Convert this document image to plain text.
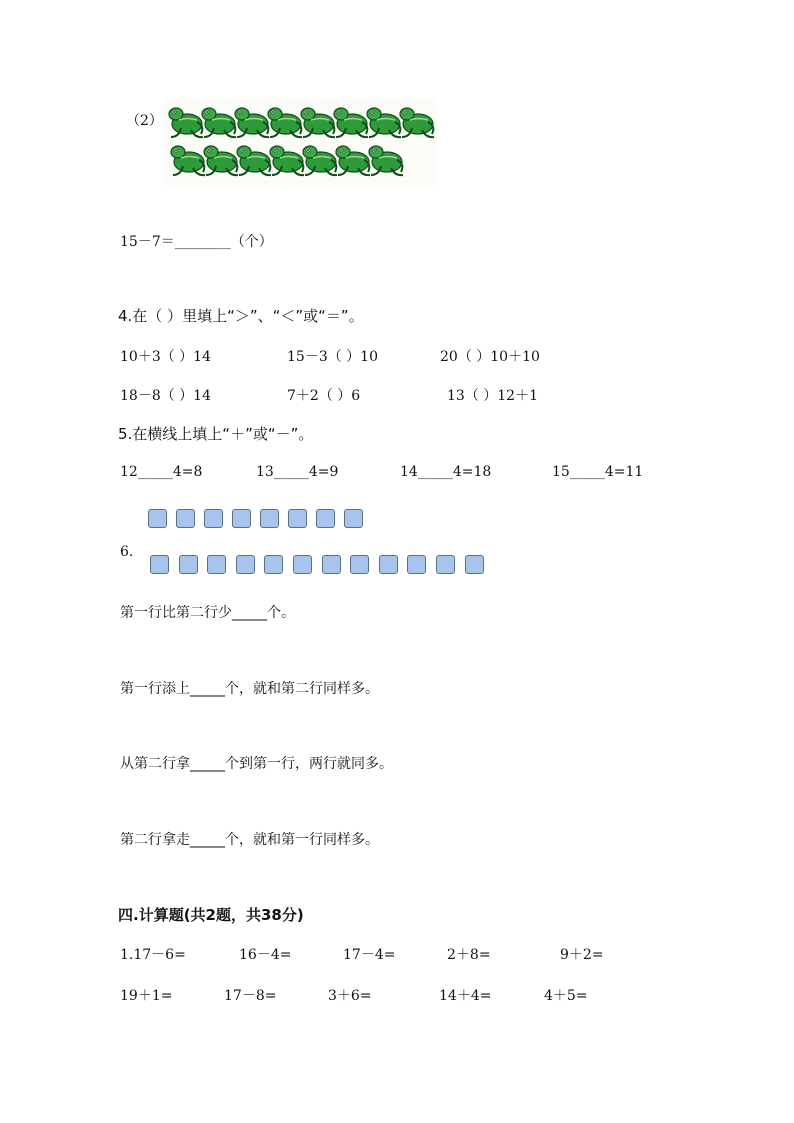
（2）
15－7＝________（个）
4.在（ ）里填上“＞”、“＜”或“＝”。
10＋3（ ）14	15－3（ ）10	20（ ）10＋10
18－8（ ）14	7＋2（ ）6	13（ ）12＋1
5.在横线上填上“＋”或“－”。
12_____4=8	13_____4=9	14_____4=18	15_____4=11
6.
第一行比第二行少_____个。
第一行添上_____个，就和第二行同样多。
从第二行拿_____个到第一行，两行就同多。
第二行拿走_____个，就和第一行同样多。
四.计算题(共2题，共38分)
1.17－6=	16－4=	17－4=	2＋8=	9＋2=
19＋1=	17－8=	3＋6=	14＋4=	4＋5=
